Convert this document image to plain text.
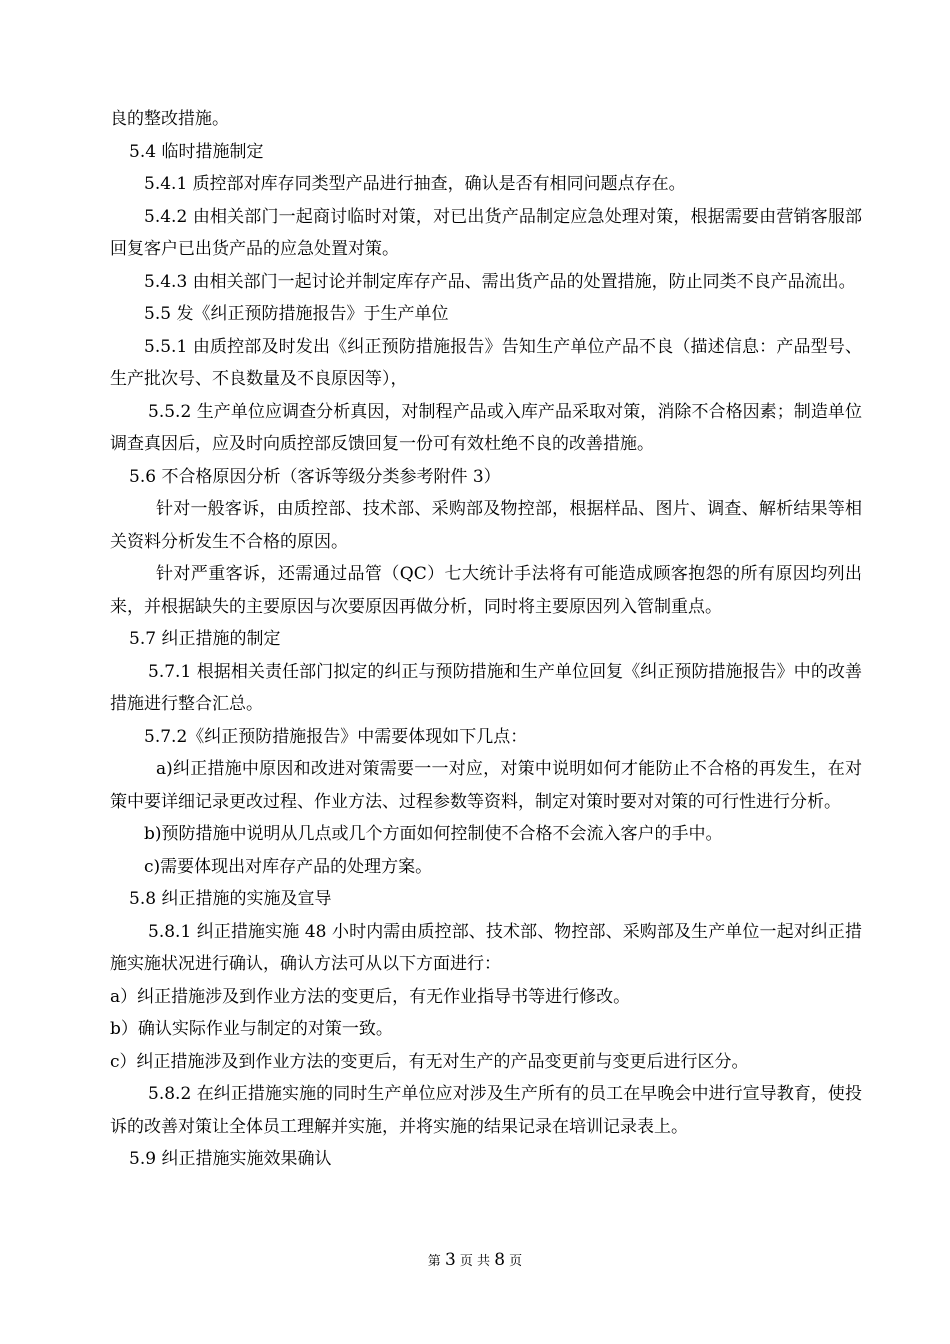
良的整改措施。

5.4 临时措施制定

5.4.1 质控部对库存同类型产品进行抽查，确认是否有相同问题点存在。

5.4.2 由相关部门一起商讨临时对策，对已出货产品制定应急处理对策，根据需要由营销客服部回复客户已出货产品的应急处置对策。

5.4.3 由相关部门一起讨论并制定库存产品、需出货产品的处置措施，防止同类不良产品流出。

5.5 发《纠正预防措施报告》于生产单位

5.5.1 由质控部及时发出《纠正预防措施报告》告知生产单位产品不良（描述信息：产品型号、生产批次号、不良数量及不良原因等），

5.5.2 生产单位应调查分析真因，对制程产品或入库产品采取对策，消除不合格因素；制造单位调查真因后，应及时向质控部反馈回复一份可有效杜绝不良的改善措施。

5.6 不合格原因分析（客诉等级分类参考附件 3）

针对一般客诉，由质控部、技术部、采购部及物控部，根据样品、图片、调查、解析结果等相关资料分析发生不合格的原因。

针对严重客诉，还需通过品管（QC）七大统计手法将有可能造成顾客抱怨的所有原因均列出来，并根据缺失的主要原因与次要原因再做分析，同时将主要原因列入管制重点。

5.7 纠正措施的制定

5.7.1 根据相关责任部门拟定的纠正与预防措施和生产单位回复《纠正预防措施报告》中的改善措施进行整合汇总。

5.7.2《纠正预防措施报告》中需要体现如下几点：

a)纠正措施中原因和改进对策需要一一对应，对策中说明如何才能防止不合格的再发生，在对策中要详细记录更改过程、作业方法、过程参数等资料，制定对策时要对对策的可行性进行分析。

b)预防措施中说明从几点或几个方面如何控制使不合格不会流入客户的手中。

c)需要体现出对库存产品的处理方案。

5.8 纠正措施的实施及宣导

5.8.1 纠正措施实施 48 小时内需由质控部、技术部、物控部、采购部及生产单位一起对纠正措施实施状况进行确认，确认方法可从以下方面进行：

a）纠正措施涉及到作业方法的变更后，有无作业指导书等进行修改。

b）确认实际作业与制定的对策一致。

c）纠正措施涉及到作业方法的变更后，有无对生产的产品变更前与变更后进行区分。

5.8.2 在纠正措施实施的同时生产单位应对涉及生产所有的员工在早晚会中进行宣导教育，使投诉的改善对策让全体员工理解并实施，并将实施的结果记录在培训记录表上。

5.9 纠正措施实施效果确认

第 3 页 共 8 页
